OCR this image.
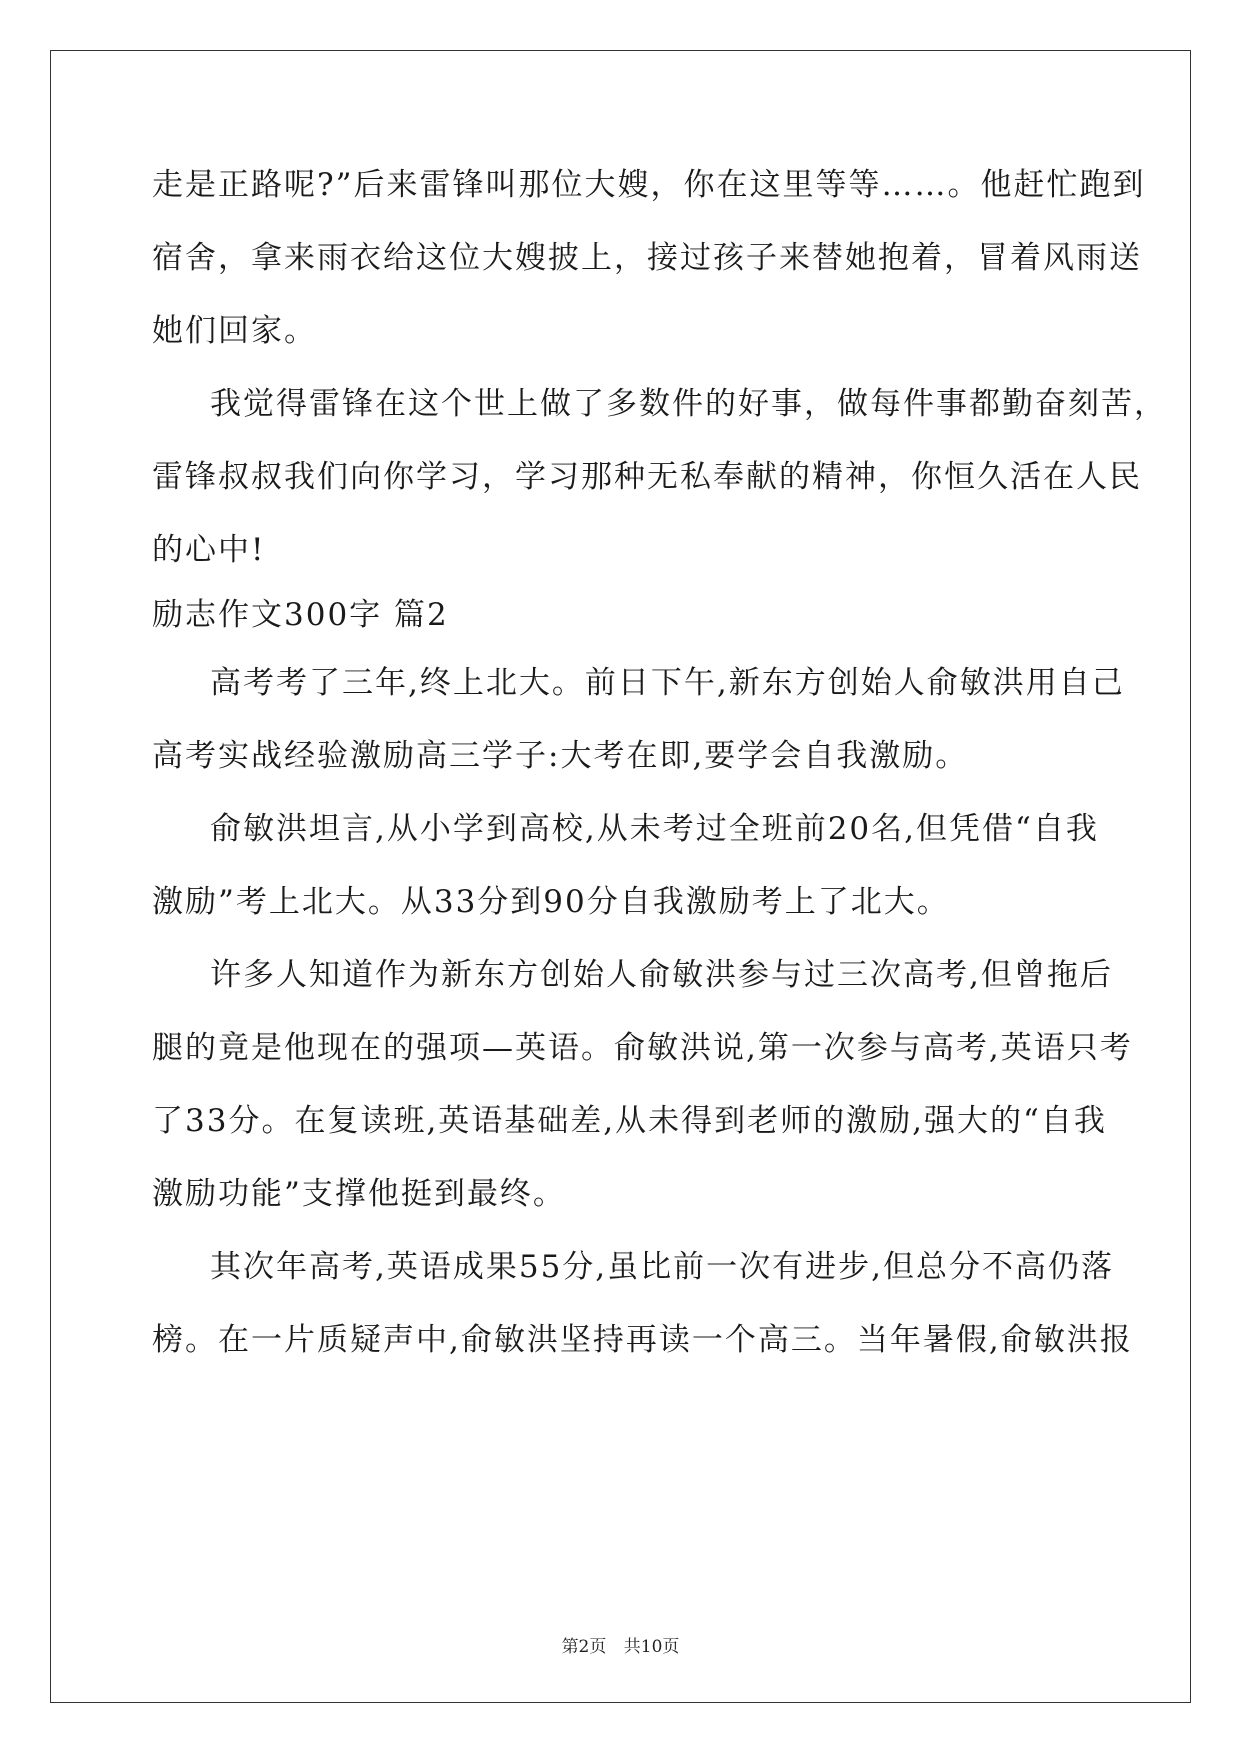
走是正路呢?”后来雷锋叫那位大嫂，你在这里等等……。他赶忙跑到
宿舍，拿来雨衣给这位大嫂披上，接过孩子来替她抱着，冒着风雨送
她们回家。
我觉得雷锋在这个世上做了多数件的好事，做每件事都勤奋刻苦，
雷锋叔叔我们向你学习，学习那种无私奉献的精神，你恒久活在人民
的心中!
励志作文300字 篇2
高考考了三年,终上北大。前日下午,新东方创始人俞敏洪用自己
高考实战经验激励高三学子:大考在即,要学会自我激励。
俞敏洪坦言,从小学到高校,从未考过全班前20名,但凭借“自我
激励”考上北大。从33分到90分自我激励考上了北大。
许多人知道作为新东方创始人俞敏洪参与过三次高考,但曾拖后
腿的竟是他现在的强项—英语。俞敏洪说,第一次参与高考,英语只考
了33分。在复读班,英语基础差,从未得到老师的激励,强大的“自我
激励功能”支撑他挺到最终。
其次年高考,英语成果55分,虽比前一次有进步,但总分不高仍落
榜。在一片质疑声中,俞敏洪坚持再读一个高三。当年暑假,俞敏洪报
第2页 共10页
